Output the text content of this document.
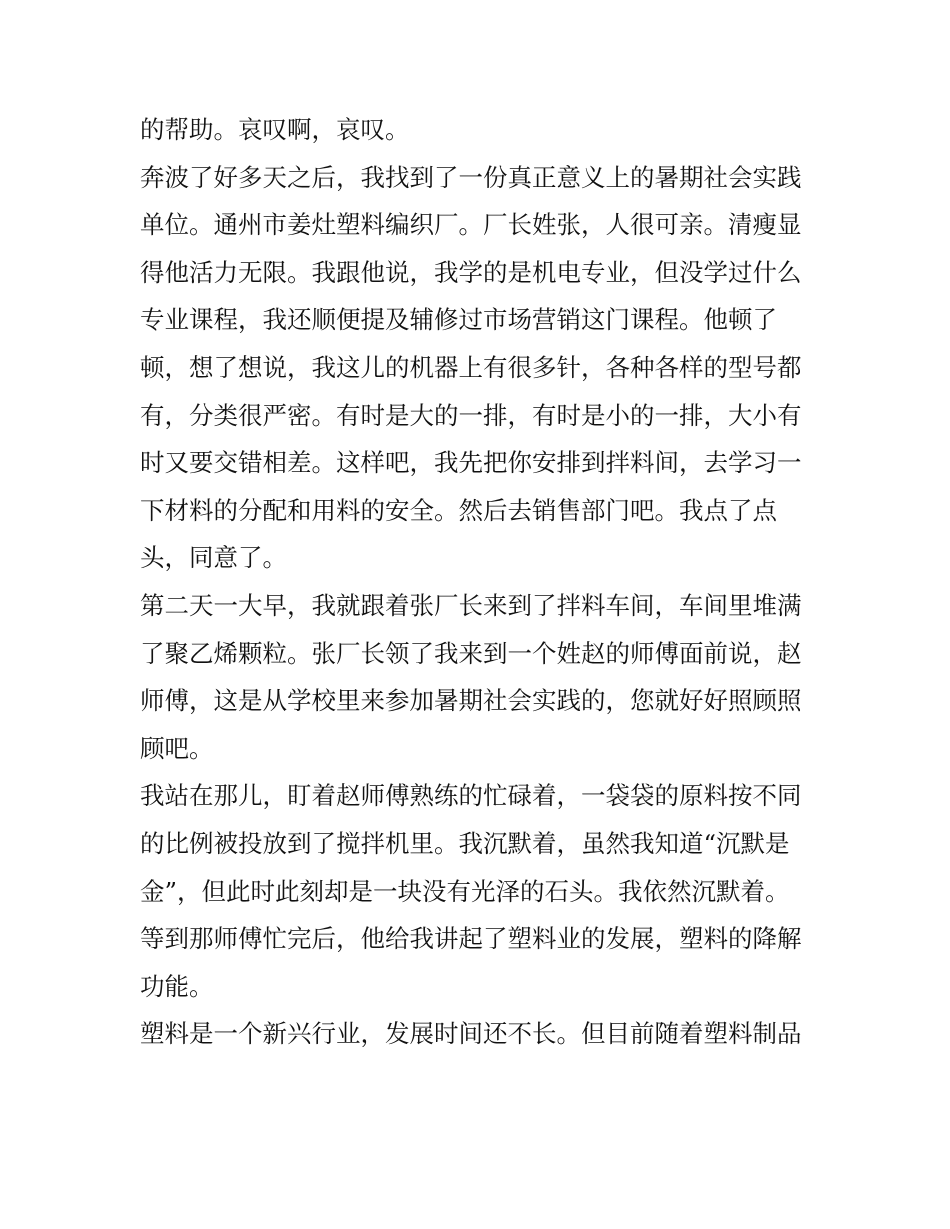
的帮助。哀叹啊，哀叹。
奔波了好多天之后，我找到了一份真正意义上的暑期社会实践
单位。通州市姜灶塑料编织厂。厂长姓张，人很可亲。清瘦显
得他活力无限。我跟他说，我学的是机电专业，但没学过什么
专业课程，我还顺便提及辅修过市场营销这门课程。他顿了
顿，想了想说，我这儿的机器上有很多针，各种各样的型号都
有，分类很严密。有时是大的一排，有时是小的一排，大小有
时又要交错相差。这样吧，我先把你安排到拌料间，去学习一
下材料的分配和用料的安全。然后去销售部门吧。我点了点
头，同意了。
第二天一大早，我就跟着张厂长来到了拌料车间，车间里堆满
了聚乙烯颗粒。张厂长领了我来到一个姓赵的师傅面前说，赵
师傅，这是从学校里来参加暑期社会实践的，您就好好照顾照
顾吧。
我站在那儿，盯着赵师傅熟练的忙碌着，一袋袋的原料按不同
的比例被投放到了搅拌机里。我沉默着，虽然我知道“沉默是
金”，但此时此刻却是一块没有光泽的石头。我依然沉默着。
等到那师傅忙完后，他给我讲起了塑料业的发展，塑料的降解
功能。
塑料是一个新兴行业，发展时间还不长。但目前随着塑料制品
